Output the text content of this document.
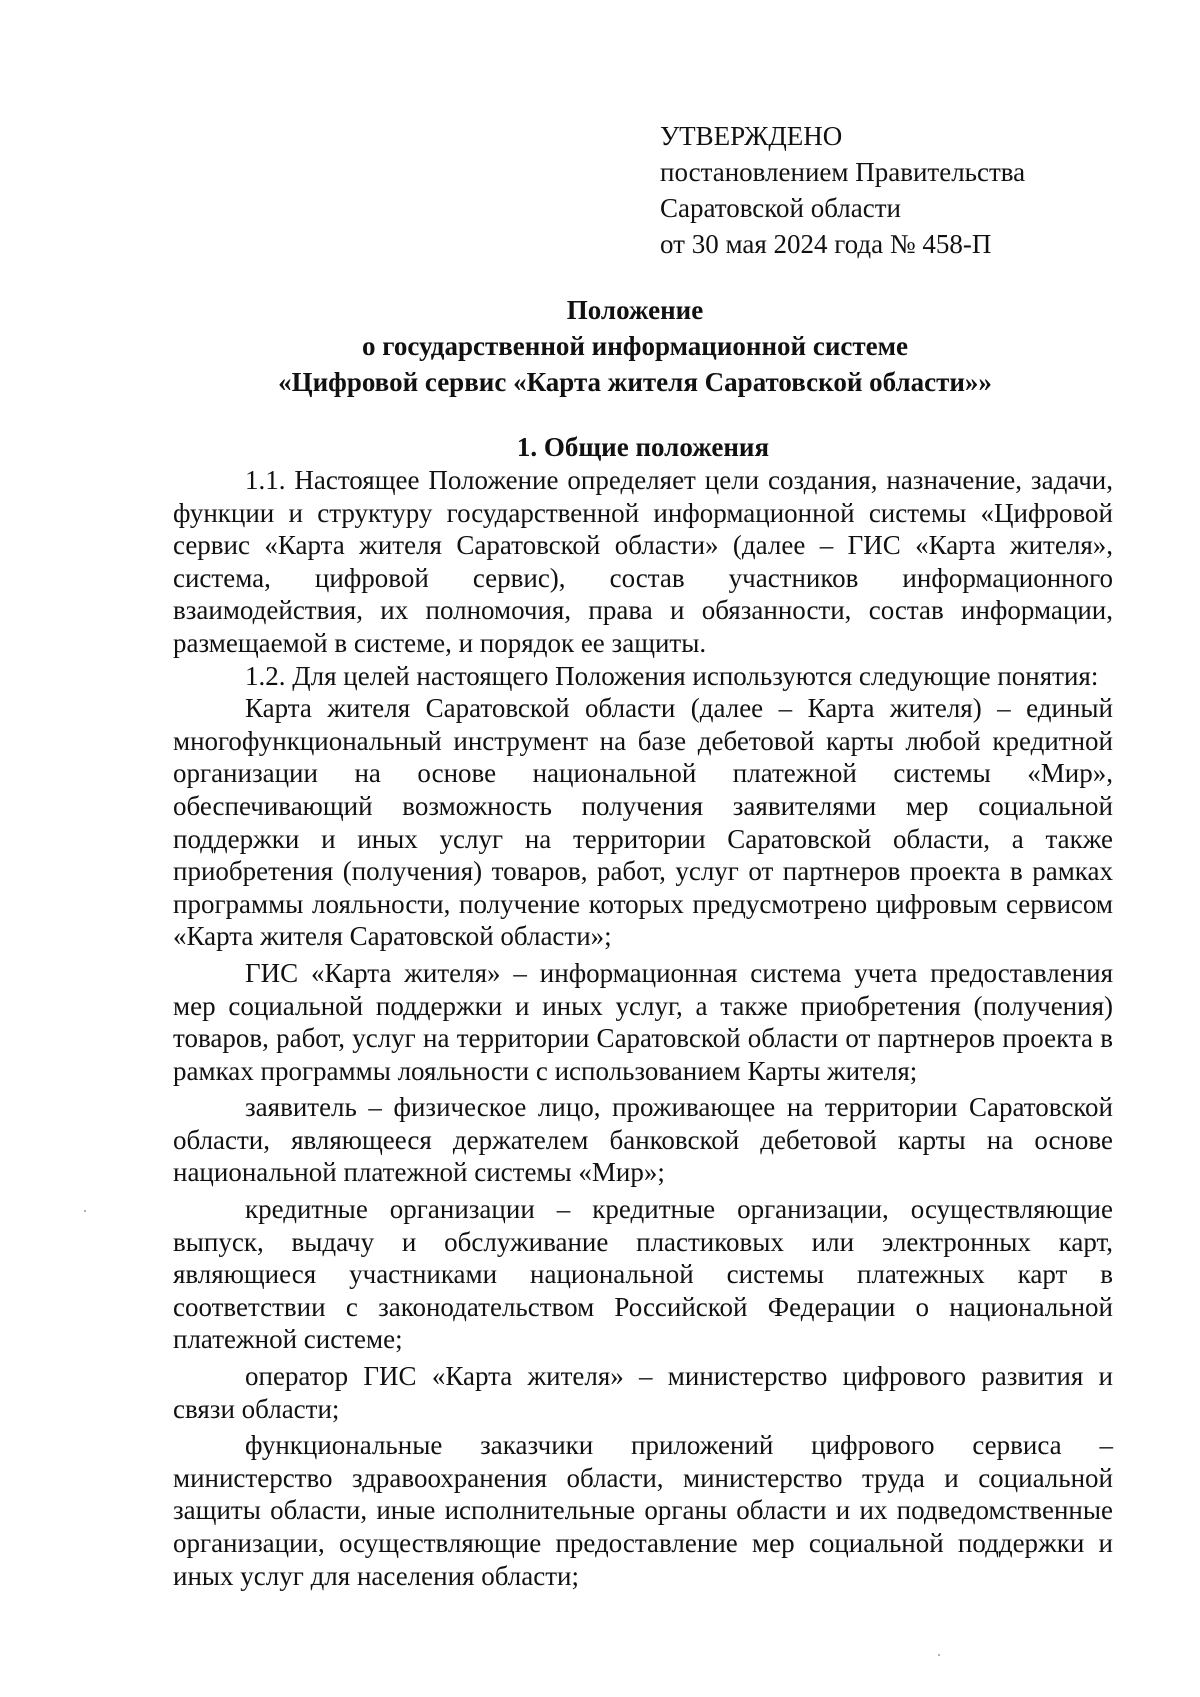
УТВЕРЖДЕНО
постановлением Правительства
Саратовской области
от 30 мая 2024 года № 458-П
Положение
о государственной информационной системе
«Цифровой сервис «Карта жителя Саратовской области»»
1. Общие положения

1.1. Настоящее Положение определяет цели создания, назначение, задачи, функции и структуру государственной информационной системы «Цифровой сервис «Карта жителя Саратовской области» (далее – ГИС «Карта жителя», система, цифровой сервис), состав участников информационного взаимодействия, их полномочия, права и обязанности, состав информации, размещаемой в системе, и порядок ее защиты.

1.2. Для целей настоящего Положения используются следующие понятия:

Карта жителя Саратовской области (далее – Карта жителя) – единый многофункциональный инструмент на базе дебетовой карты любой кредитной организации на основе национальной платежной системы «Мир», обеспечивающий возможность получения заявителями мер социальной поддержки и иных услуг на территории Саратовской области, а также приобретения (получения) товаров, работ, услуг от партнеров проекта в рамках программы лояльности, получение которых предусмотрено цифровым сервисом «Карта жителя Саратовской области»;

ГИС «Карта жителя» – информационная система учета предоставления мер социальной поддержки и иных услуг, а также приобретения (получения) товаров, работ, услуг на территории Саратовской области от партнеров проекта в рамках программы лояльности с использованием Карты жителя;

заявитель – физическое лицо, проживающее на территории Саратовской области, являющееся держателем банковской дебетовой карты на основе национальной платежной системы «Мир»;

кредитные организации – кредитные организации, осуществляющие выпуск, выдачу и обслуживание пластиковых или электронных карт, являющиеся участниками национальной системы платежных карт в соответствии с законодательством Российской Федерации о национальной платежной системе;

оператор ГИС «Карта жителя» – министерство цифрового развития и связи области;

функциональные заказчики приложений цифрового сервиса – министерство здравоохранения области, министерство труда и социальной защиты области, иные исполнительные органы области и их подведомственные организации, осуществляющие предоставление мер социальной поддержки и иных услуг для населения области;
